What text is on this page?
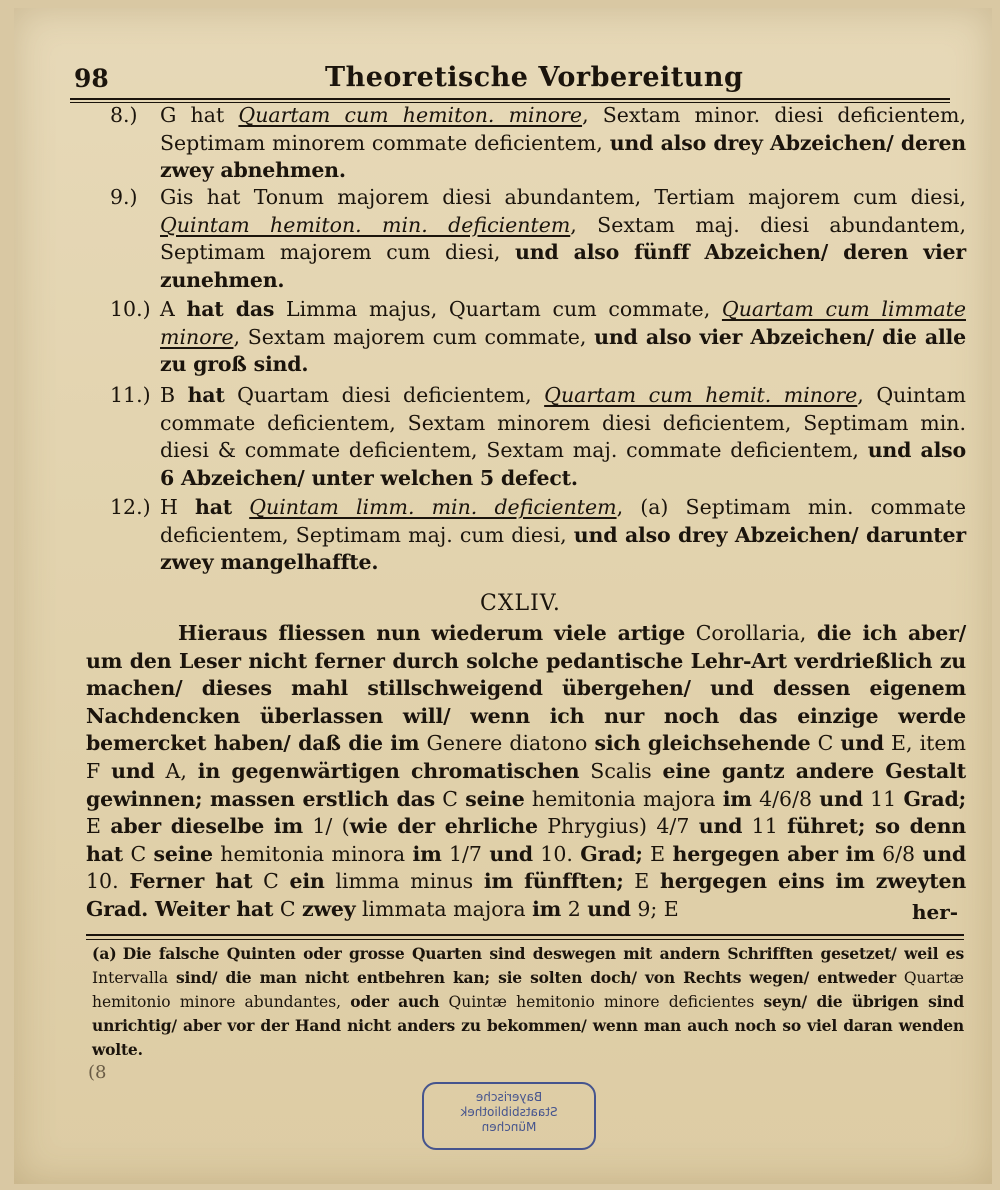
98	Theoretische Vorbereitung
8.)	G hat Quartam cum hemiton. minore, Sextam minor. diesi deficientem, Septimam minorem commate deficientem, und also drey Abzeichen/ deren zwey abnehmen.
9.)	Gis hat Tonum majorem diesi abundantem, Tertiam majorem cum diesi, Quintam hemiton. min. deficientem, Sextam maj. diesi abundantem, Septimam majorem cum diesi, und also fünff Abzeichen/ deren vier zunehmen.
10.) A hat das Limma majus, Quartam cum commate, Quartam cum limmate minore, Sextam majorem cum commate, und also vier Abzeichen/ die alle zu groß sind.
11.) B hat Quartam diesi deficientem, Quartam cum hemit. minore, Quintam commate deficientem, Sextam minorem diesi deficientem, Septimam min. diesi & commate deficientem, Sextam maj. commate deficientem, und also 6 Abzeichen/ unter welchen 5 defect.
12.) H hat Quintam limm. min. deficientem, (a) Septimam min. commate deficientem, Septimam maj. cum diesi, und also drey Abzeichen/ darunter zwey mangelhaffte.
CXLIV.
Hieraus fliessen nun wiederum viele artige Corollaria, die ich aber/ um den Leser nicht ferner durch solche pedantische Lehr-Art verdrießlich zu machen/ dieses mahl stillschweigend übergehen/ und dessen eigenem Nachdencken überlassen will/ wenn ich nur noch das einzige werde bemercket haben/ daß die im Genere diatono sich gleichsehende C und E, item F und A, in gegenwärtigen chromatischen Scalis eine gantz andere Gestalt gewinnen; massen erstlich das C seine hemitonia majora im 4/6/8 und 11 Grad; E aber dieselbe im 1/ (wie der ehrliche Phrygius) 4/7 und 11 führet; so denn hat C seine hemitonia minora im 1/7 und 10. Grad; E hergegen aber im 6/8 und 10. Ferner hat C ein limma minus im fünfften; E hergegen eins im zweyten Grad. Weiter hat C zwey limmata majora im 2 und 9; E	her-
(a) Die falsche Quinten oder grosse Quarten sind deswegen mit andern Schrifften gesetzet/ weil es Intervalla sind/ die man nicht entbehren kan; sie solten doch/ von Rechts wegen/ entweder Quartæ hemitonio minore abundantes, oder auch Quintæ hemitonio minore deficientes seyn/ die übrigen sind unrichtig/ aber vor der Hand nicht anders zu bekommen/ wenn man auch noch so viel daran wenden wolte.
(8
Bayerische
Staatsbibliothek
München
